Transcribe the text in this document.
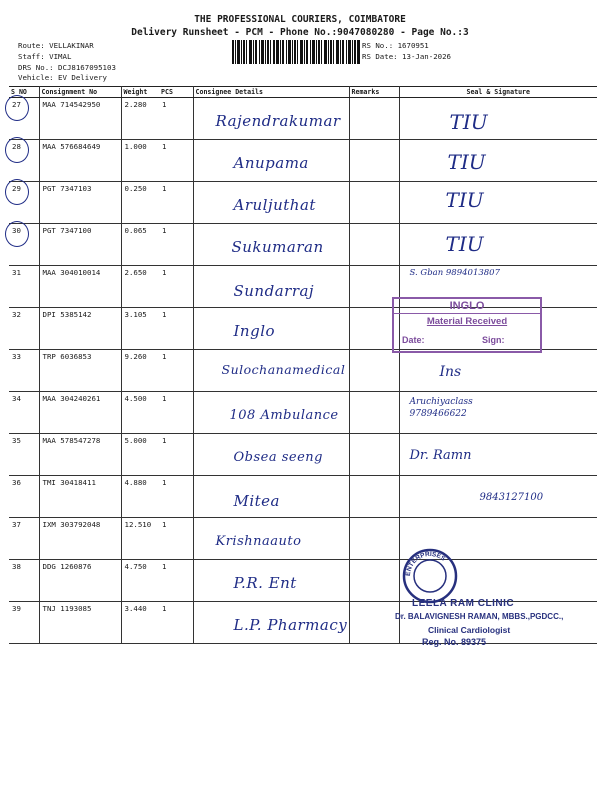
THE PROFESSIONAL COURIERS, COIMBATORE
Delivery Runsheet - PCM - Phone No.:9047080280 - Page No.:3
Route: VELLAKINAR
Staff: VIMAL
DRS No.: DCJ8167095103
Vehicle: EV Delivery
RS No.: 1670951
RS Date: 13-Jan-2026
S NO	Consignment No	Weight	PCS	Consignee Details	Remarks	Seal & Signature

27	MAA 714542950	2.280	1	Rajendrakumar		TIU

28	MAA 576684649	1.000	1	Anupama		TIU

29	PGT 7347103	0.250	1	Aruljuthat		TIU

30	PGT 7347100	0.065	1	Sukumaran		TIU

31	MAA 304010014	2.650	1	Sundarraj		S. Gban 9894013807

32	DPI 5385142	3.105	1	Inglo		

33	TRP 6036853	9.260	1	Sulochanamedical		Ins

34	MAA 304240261	4.500	1	108 Ambulance		Aruchiyaclass 9789466622

35	MAA 578547278	5.000	1	Obsea seeng		Dr. Ramn

36	TMI 30418411	4.880	1	Mitea		9843127100

37	IXM 303792048	12.510	1	Krishnaauto		

38	DDG 1260876	4.750	1	P.R. Ent		

39	TNJ 1193085	3.440	1	L.P. Pharmacy		

INGLO
Material Received
Date:	Sign:
ENTERPRISES
LEELA RAM CLINIC
Dr. BALAVIGNESH RAMAN, MBBS.,PGDCC.,
Clinical Cardiologist
Reg. No. 89375
